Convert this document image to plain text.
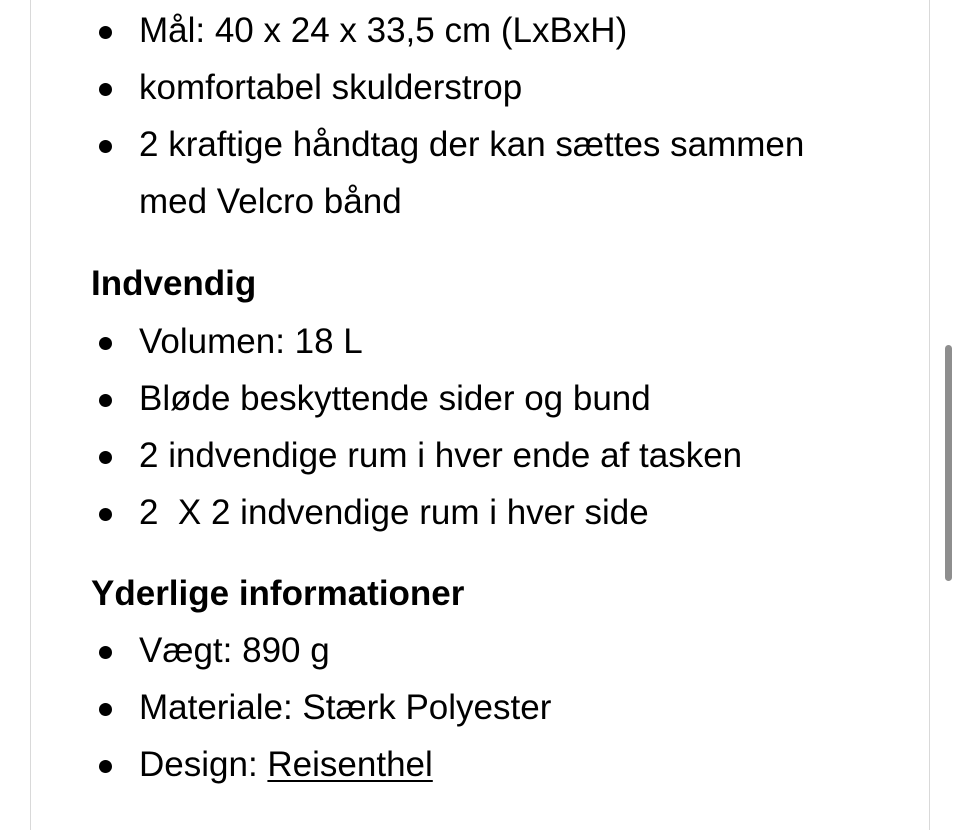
Mål: 40 x 24 x 33,5 cm (LxBxH)
komfortabel skulderstrop
2 kraftige håndtag der kan sættes sammen
med Velcro bånd
Indvendig
Volumen: 18 L
Bløde beskyttende sider og bund
2 indvendige rum i hver ende af tasken
2  X 2 indvendige rum i hver side
Yderlige informationer
Vægt: 890 g
Materiale: Stærk Polyester
Design: Reisenthel
